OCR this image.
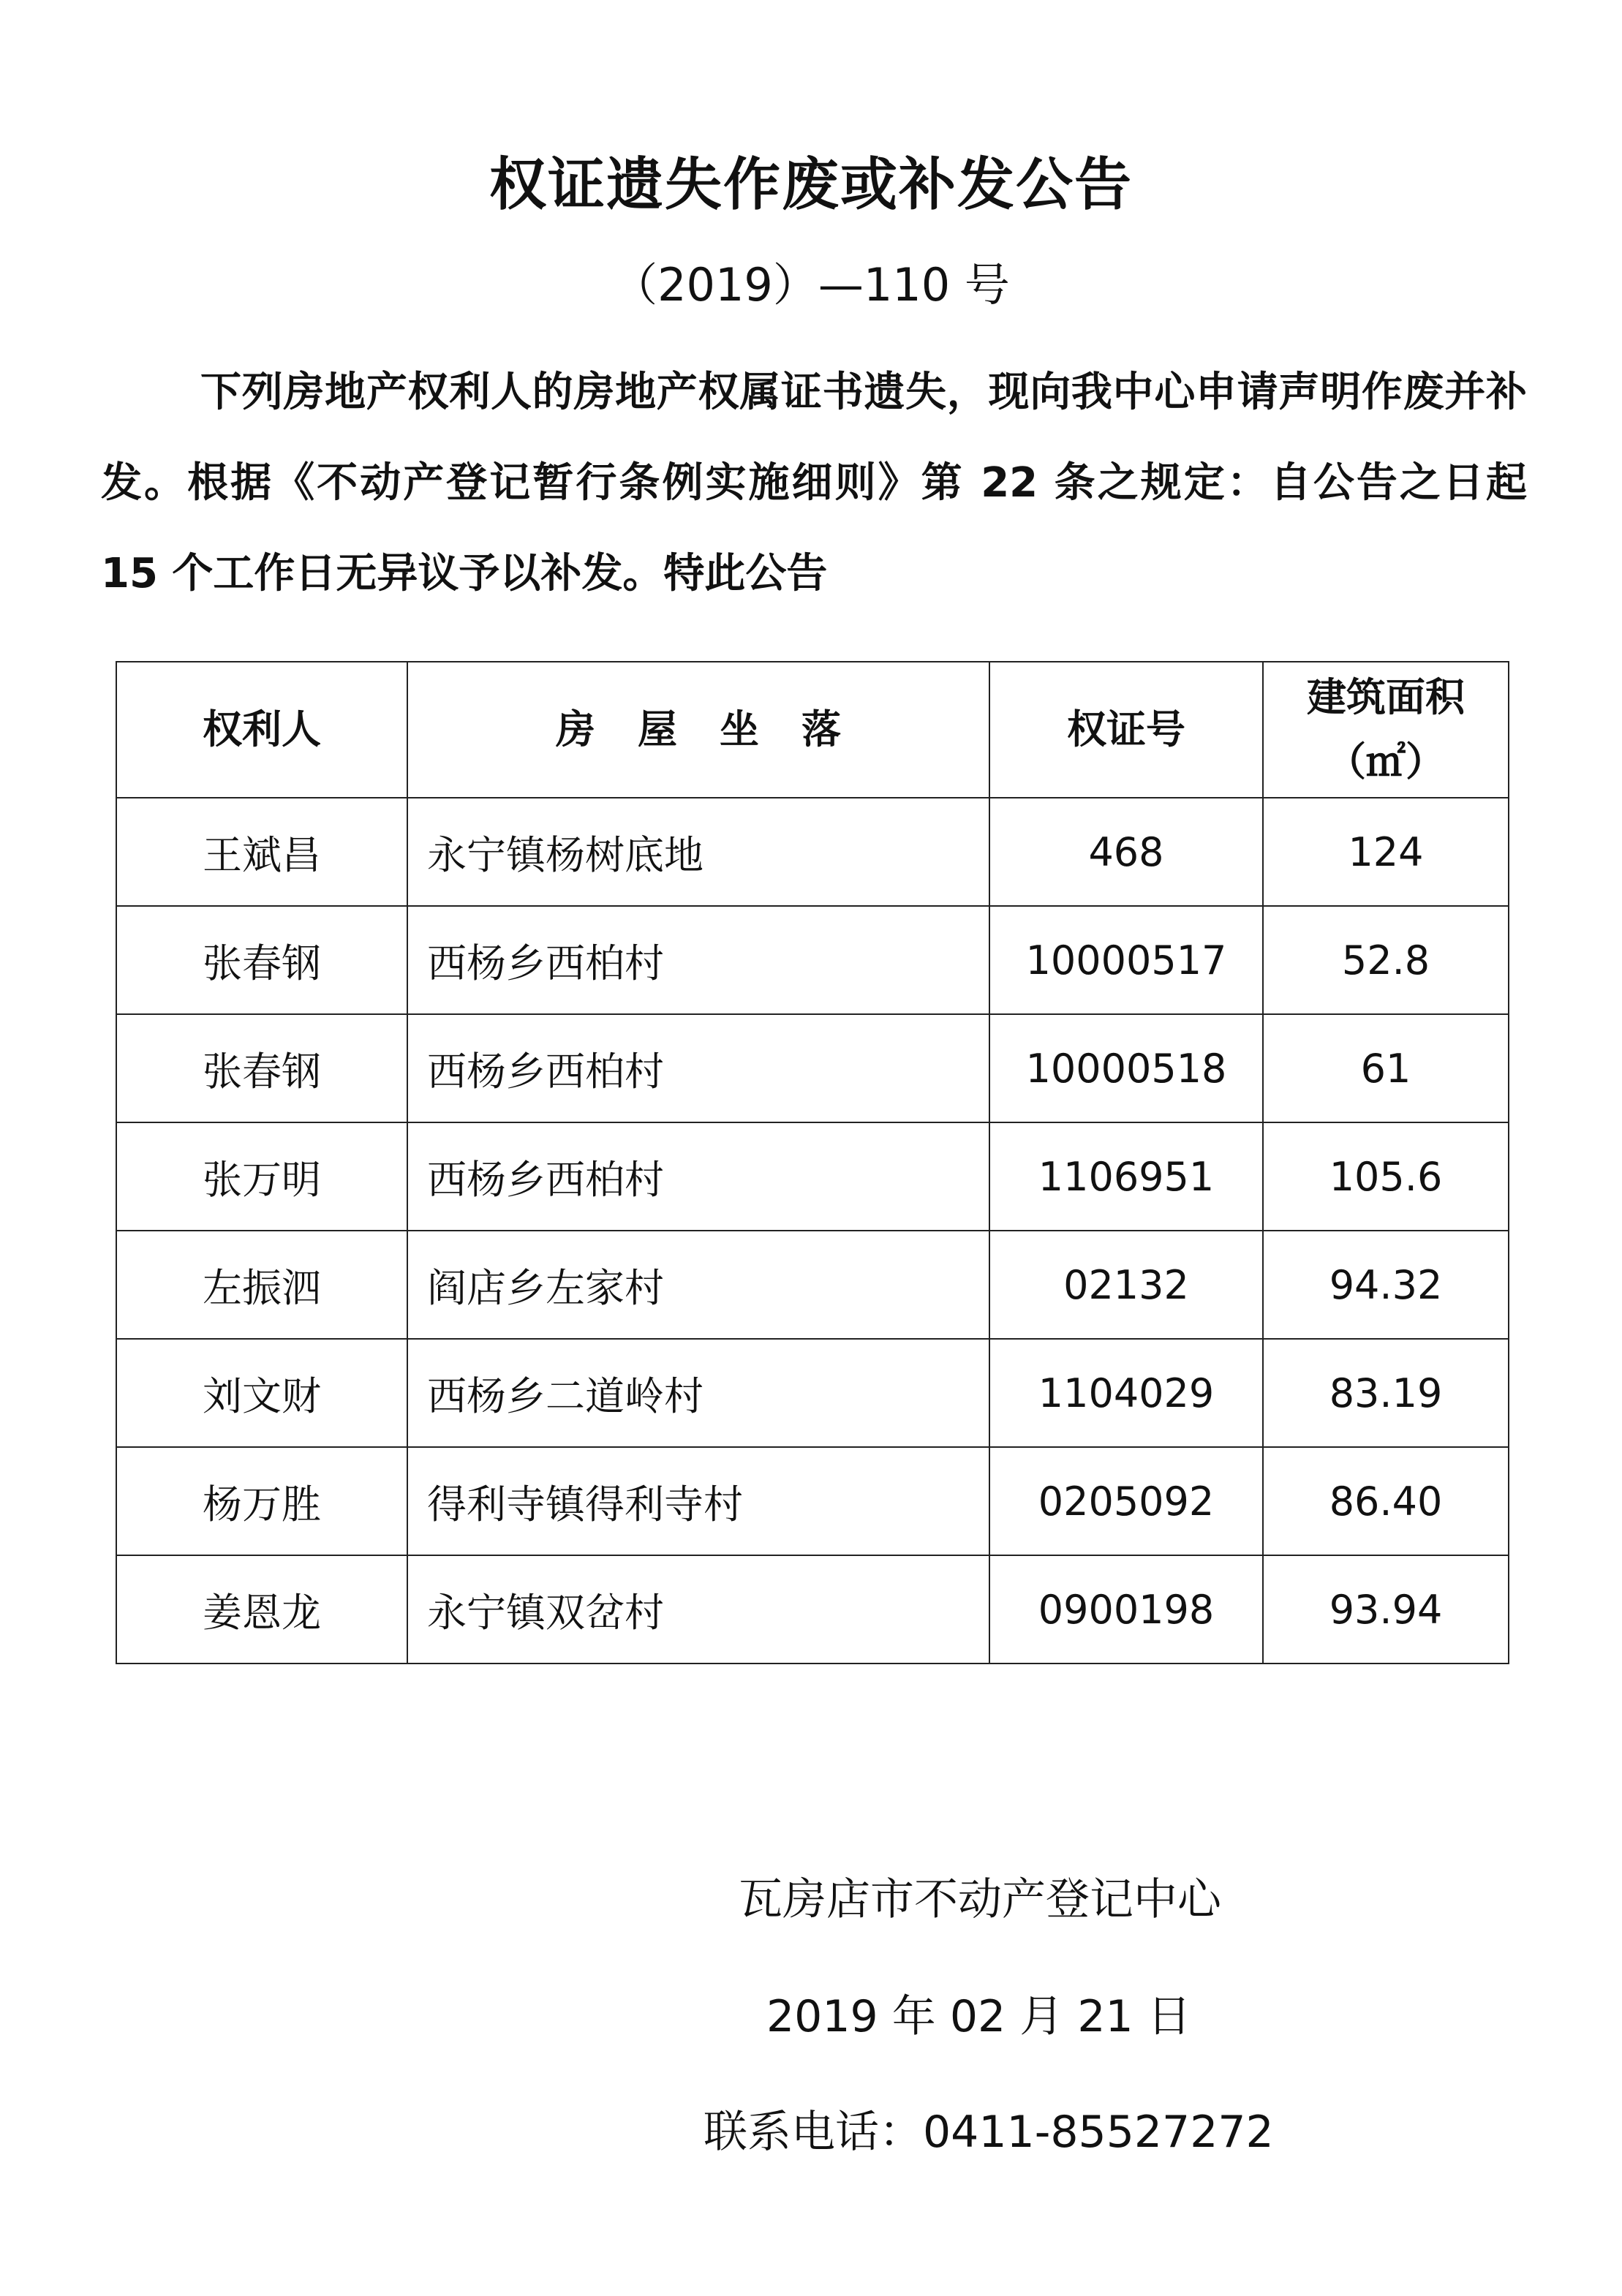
权证遗失作废或补发公告
（2019）—110 号

下列房地产权利人的房地产权属证书遗失，现向我中心申请声明作废并补发。根据《不动产登记暂行条例实施细则》第 22 条之规定：自公告之日起 15 个工作日无异议予以补发。特此公告

权利人	房屋坐落	权证号	建筑面积
（㎡）
王斌昌	永宁镇杨树底地	468	124
张春钢	西杨乡西柏村	10000517	52.8
张春钢	西杨乡西柏村	10000518	61
张万明	西杨乡西柏村	1106951	105.6
左振泗	阎店乡左家村	02132	94.32
刘文财	西杨乡二道岭村	1104029	83.19
杨万胜	得利寺镇得利寺村	0205092	86.40
姜恩龙	永宁镇双岔村	0900198	93.94
瓦房店市不动产登记中心
2019 年 02 月 21 日
联系电话：0411-85527272
